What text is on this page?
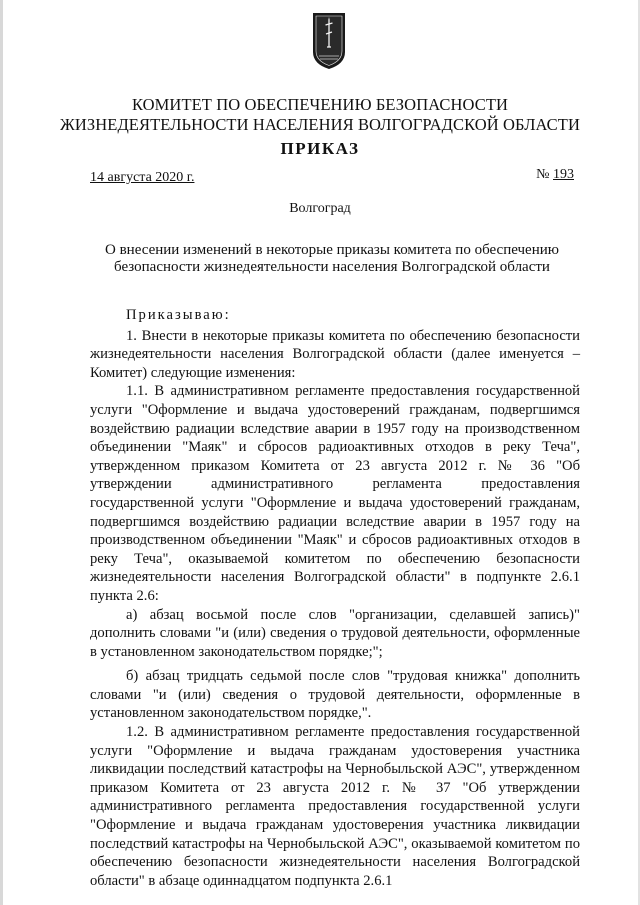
КОМИТЕТ ПО ОБЕСПЕЧЕНИЮ БЕЗОПАСНОСТИ
ЖИЗНЕДЕЯТЕЛЬНОСТИ НАСЕЛЕНИЯ ВОЛГОГРАДСКОЙ ОБЛАСТИ
ПРИКАЗ
14 августа 2020 г.	№ 193
Волгоград
О внесении изменений в некоторые приказы комитета по обеспечению безопасности жизнедеятельности населения Волгоградской области

Приказываю:

1. Внести в некоторые приказы комитета по обеспечению безопасности жизнедеятельности населения Волгоградской области (далее именуется – Комитет) следующие изменения:

1.1. В административном регламенте предоставления государственной услуги "Оформление и выдача удостоверений гражданам, подвергшимся воздействию радиации вследствие аварии в 1957 году на производственном объединении "Маяк" и сбросов радиоактивных отходов в реку Теча", утвержденном приказом Комитета от 23 августа 2012 г. № 36 "Об утверждении административного регламента предоставления государственной услуги "Оформление и выдача удостоверений гражданам, подвергшимся воздействию радиации вследствие аварии в 1957 году на производственном объединении "Маяк" и сбросов радиоактивных отходов в реку Теча", оказываемой комитетом по обеспечению безопасности жизнедеятельности населения Волгоградской области" в подпункте 2.6.1 пункта 2.6:

а) абзац восьмой после слов "организации, сделавшей запись)" дополнить словами "и (или) сведения о трудовой деятельности, оформленные в установленном законодательством порядке;";

б) абзац тридцать седьмой после слов "трудовая книжка" дополнить словами "и (или) сведения о трудовой деятельности, оформленные в установленном законодательством порядке,".

1.2. В административном регламенте предоставления государственной услуги "Оформление и выдача гражданам удостоверения участника ликвидации последствий катастрофы на Чернобыльской АЭС", утвержденном приказом Комитета от 23 августа 2012 г. № 37 "Об утверждении административного регламента предоставления государственной услуги "Оформление и выдача гражданам удостоверения участника ликвидации последствий катастрофы на Чернобыльской АЭС", оказываемой комитетом по обеспечению безопасности жизнедеятельности населения Волгоградской области" в абзаце одиннадцатом подпункта 2.6.1
